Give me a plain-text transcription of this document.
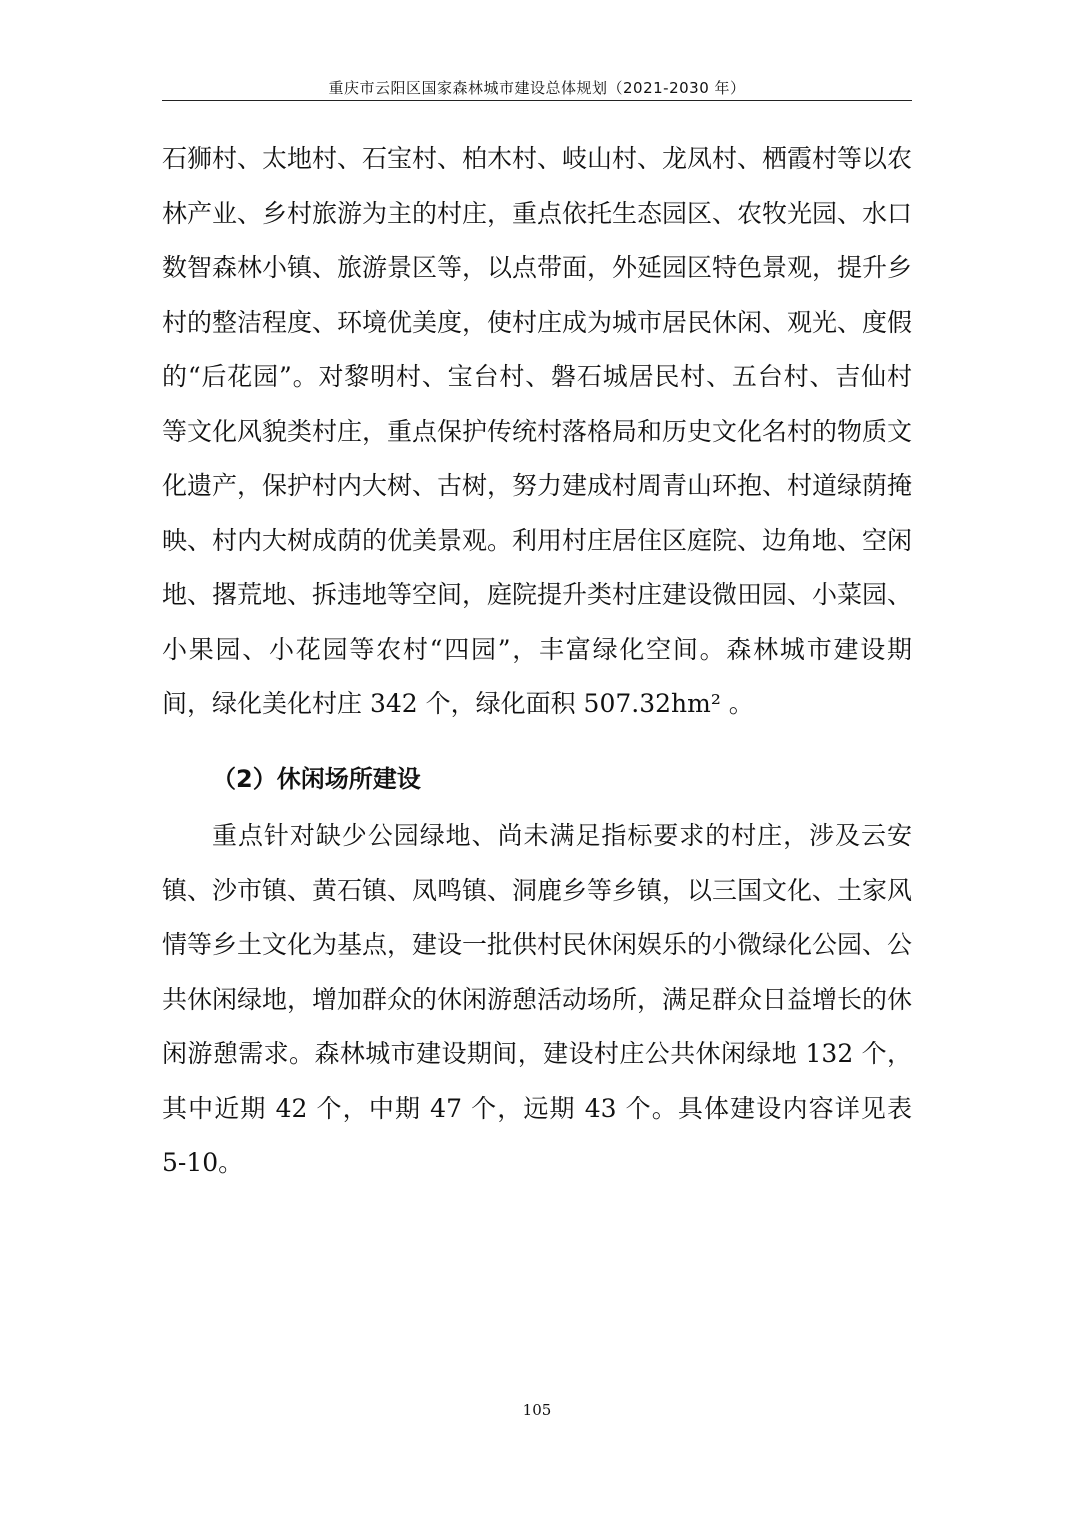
重庆市云阳区国家森林城市建设总体规划（2021-2030 年）

石狮村、太地村、石宝村、柏木村、岐山村、龙凤村、栖霞村等以农林产业、乡村旅游为主的村庄，重点依托生态园区、农牧光园、水口数智森林小镇、旅游景区等，以点带面，外延园区特色景观，提升乡村的整洁程度、环境优美度，使村庄成为城市居民休闲、观光、度假的“后花园”。对黎明村、宝台村、磐石城居民村、五台村、吉仙村等文化风貌类村庄，重点保护传统村落格局和历史文化名村的物质文化遗产，保护村内大树、古树，努力建成村周青山环抱、村道绿荫掩映、村内大树成荫的优美景观。利用村庄居住区庭院、边角地、空闲地、撂荒地、拆违地等空间，庭院提升类村庄建设微田园、小菜园、小果园、小花园等农村“四园”，丰富绿化空间。森林城市建设期间，绿化美化村庄 342 个，绿化面积 507.32hm² 。

（2）休闲场所建设

重点针对缺少公园绿地、尚未满足指标要求的村庄，涉及云安镇、沙市镇、黄石镇、凤鸣镇、洞鹿乡等乡镇，以三国文化、土家风情等乡土文化为基点，建设一批供村民休闲娱乐的小微绿化公园、公共休闲绿地，增加群众的休闲游憩活动场所，满足群众日益增长的休闲游憩需求。森林城市建设期间，建设村庄公共休闲绿地 132 个，其中近期 42 个，中期 47 个，远期 43 个。具体建设内容详见表 5-10。

105
